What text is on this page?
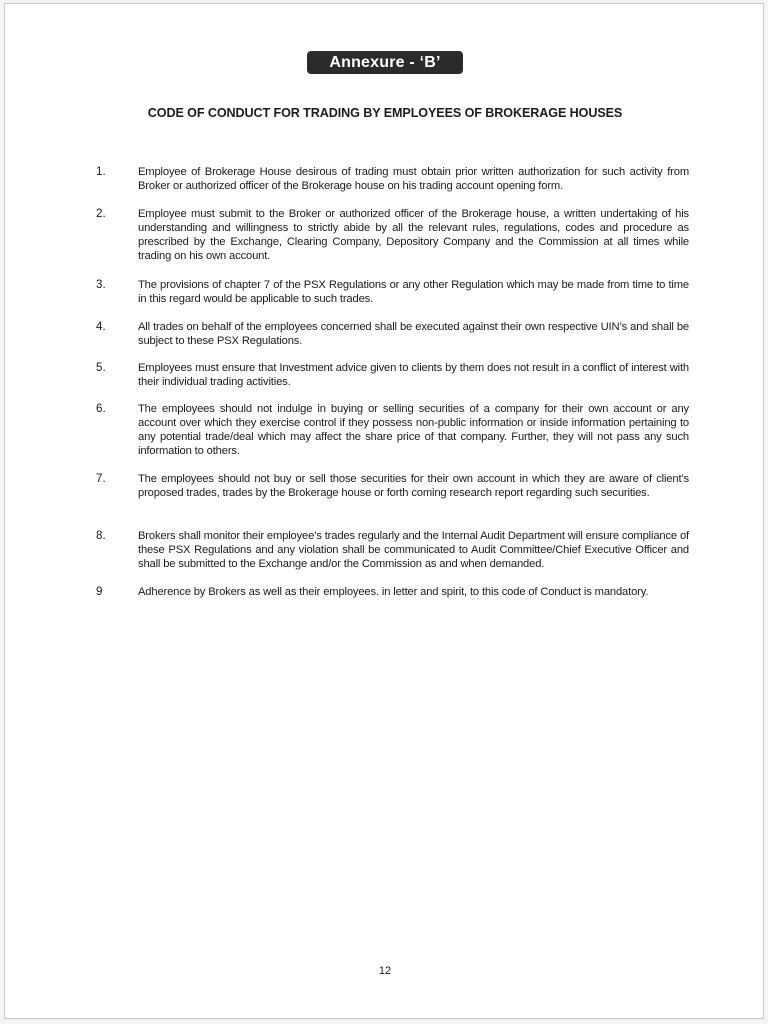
Annexure - ‘B’
CODE OF CONDUCT FOR TRADING BY EMPLOYEES OF BROKERAGE HOUSES
1.	Employee of Brokerage House desirous of trading must obtain prior written authorization for such activity from Broker or authorized officer of the Brokerage house on his trading account opening form.
2.	Employee must submit to the Broker or authorized officer of the Brokerage house, a written undertaking of his understanding and willingness to strictly abide by all the relevant rules, regulations, codes and procedure as prescribed by the Exchange, Clearing Company, Depository Company and the Commission at all times while trading on his own account.
3.	The provisions of chapter 7 of the PSX Regulations or any other Regulation which may be made from time to time in this regard would be applicable to such trades.
4.	All trades on behalf of the employees concerned shall be executed against their own respective UIN’s and shall be subject to these PSX Regulations.
5.	Employees must ensure that Investment advice given to clients by them does not result in a conflict of interest with their individual trading activities.
6.	The employees should not indulge in buying or selling securities of a company for their own account or any account over which they exercise control if they possess non-public information or inside information pertaining to any potential trade/deal which may affect the share price of that company. Further, they will not pass any such information to others.
7.	The employees should not buy or sell those securities for their own account in which they are aware of client’s proposed trades, trades by the Brokerage house or forth coming research report regarding such securities.
8.	Brokers shall monitor their employee’s trades regularly and the Internal Audit Department will ensure compliance of these PSX Regulations and any violation shall be communicated to Audit Committee/Chief Executive Officer and shall be submitted to the Exchange and/or the Commission as and when demanded.
9	Adherence by Brokers as well as their employees. in letter and spirit, to this code of Conduct is mandatory.
12
